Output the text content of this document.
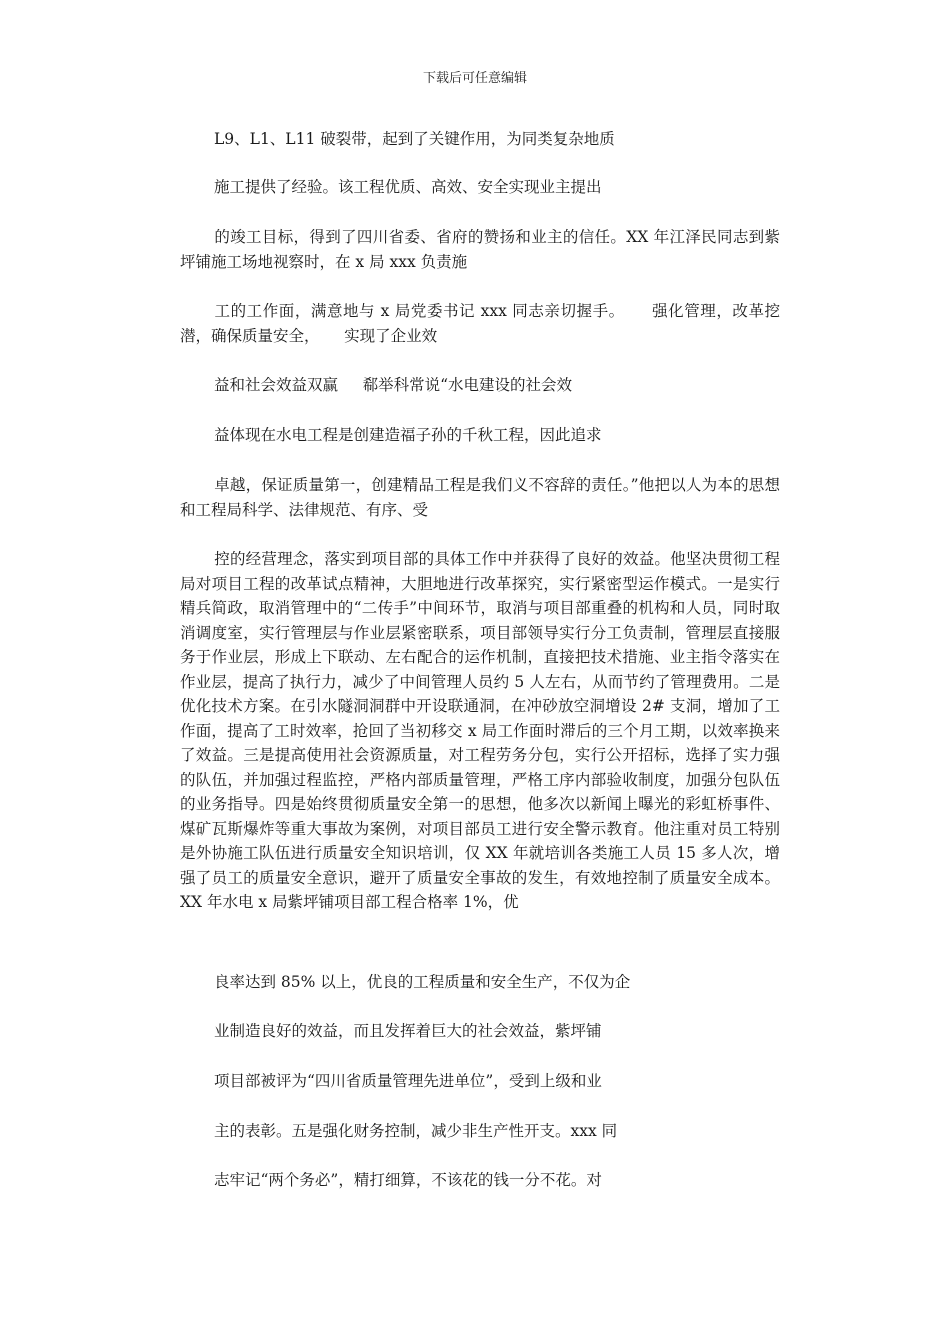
下载后可任意编辑

L9、L1、L11 破裂带，起到了关键作用，为同类复杂地质

施工提供了经验。该工程优质、高效、安全实现业主提出

的竣工目标，得到了四川省委、省府的赞扬和业主的信任。XX 年江泽民同志到紫坪铺施工场地视察时，在 x 局 xxx 负责施

工的工作面，满意地与 x 局党委书记 xxx 同志亲切握手。     强化管理，改革挖潜，确保质量安全，     实现了企业效

益和社会效益双赢     郗举科常说“水电建设的社会效

益体现在水电工程是创建造福子孙的千秋工程，因此追求

卓越，保证质量第一，创建精品工程是我们义不容辞的责任。”他把以人为本的思想和工程局科学、法律规范、有序、受

控的经营理念，落实到项目部的具体工作中并获得了良好的效益。他坚决贯彻工程局对项目工程的改革试点精神，大胆地进行改革探究，实行紧密型运作模式。一是实行精兵简政，取消管理中的“二传手”中间环节，取消与项目部重叠的机构和人员，同时取消调度室，实行管理层与作业层紧密联系，项目部领导实行分工负责制，管理层直接服务于作业层，形成上下联动、左右配合的运作机制，直接把技术措施、业主指令落实在作业层，提高了执行力，减少了中间管理人员约 5 人左右，从而节约了管理费用。二是优化技术方案。在引水隧洞洞群中开设联通洞，在冲砂放空洞增设 2# 支洞，增加了工作面，提高了工时效率，抢回了当初移交 x 局工作面时滞后的三个月工期，以效率换来了效益。三是提高使用社会资源质量，对工程劳务分包，实行公开招标，选择了实力强的队伍，并加强过程监控，严格内部质量管理，严格工序内部验收制度，加强分包队伍的业务指导。四是始终贯彻质量安全第一的思想，他多次以新闻上曝光的彩虹桥事件、煤矿瓦斯爆炸等重大事故为案例，对项目部员工进行安全警示教育。他注重对员工特别是外协施工队伍进行质量安全知识培训，仅 XX 年就培训各类施工人员 15 多人次，增强了员工的质量安全意识，避开了质量安全事故的发生，有效地控制了质量安全成本。XX 年水电 x 局紫坪铺项目部工程合格率 1%，优

良率达到 85% 以上，优良的工程质量和安全生产，不仅为企

业制造良好的效益，而且发挥着巨大的社会效益，紫坪铺

项目部被评为“四川省质量管理先进单位”，受到上级和业

主的表彰。五是强化财务控制，减少非生产性开支。xxx 同

志牢记“两个务必”，精打细算，不该花的钱一分不花。对
